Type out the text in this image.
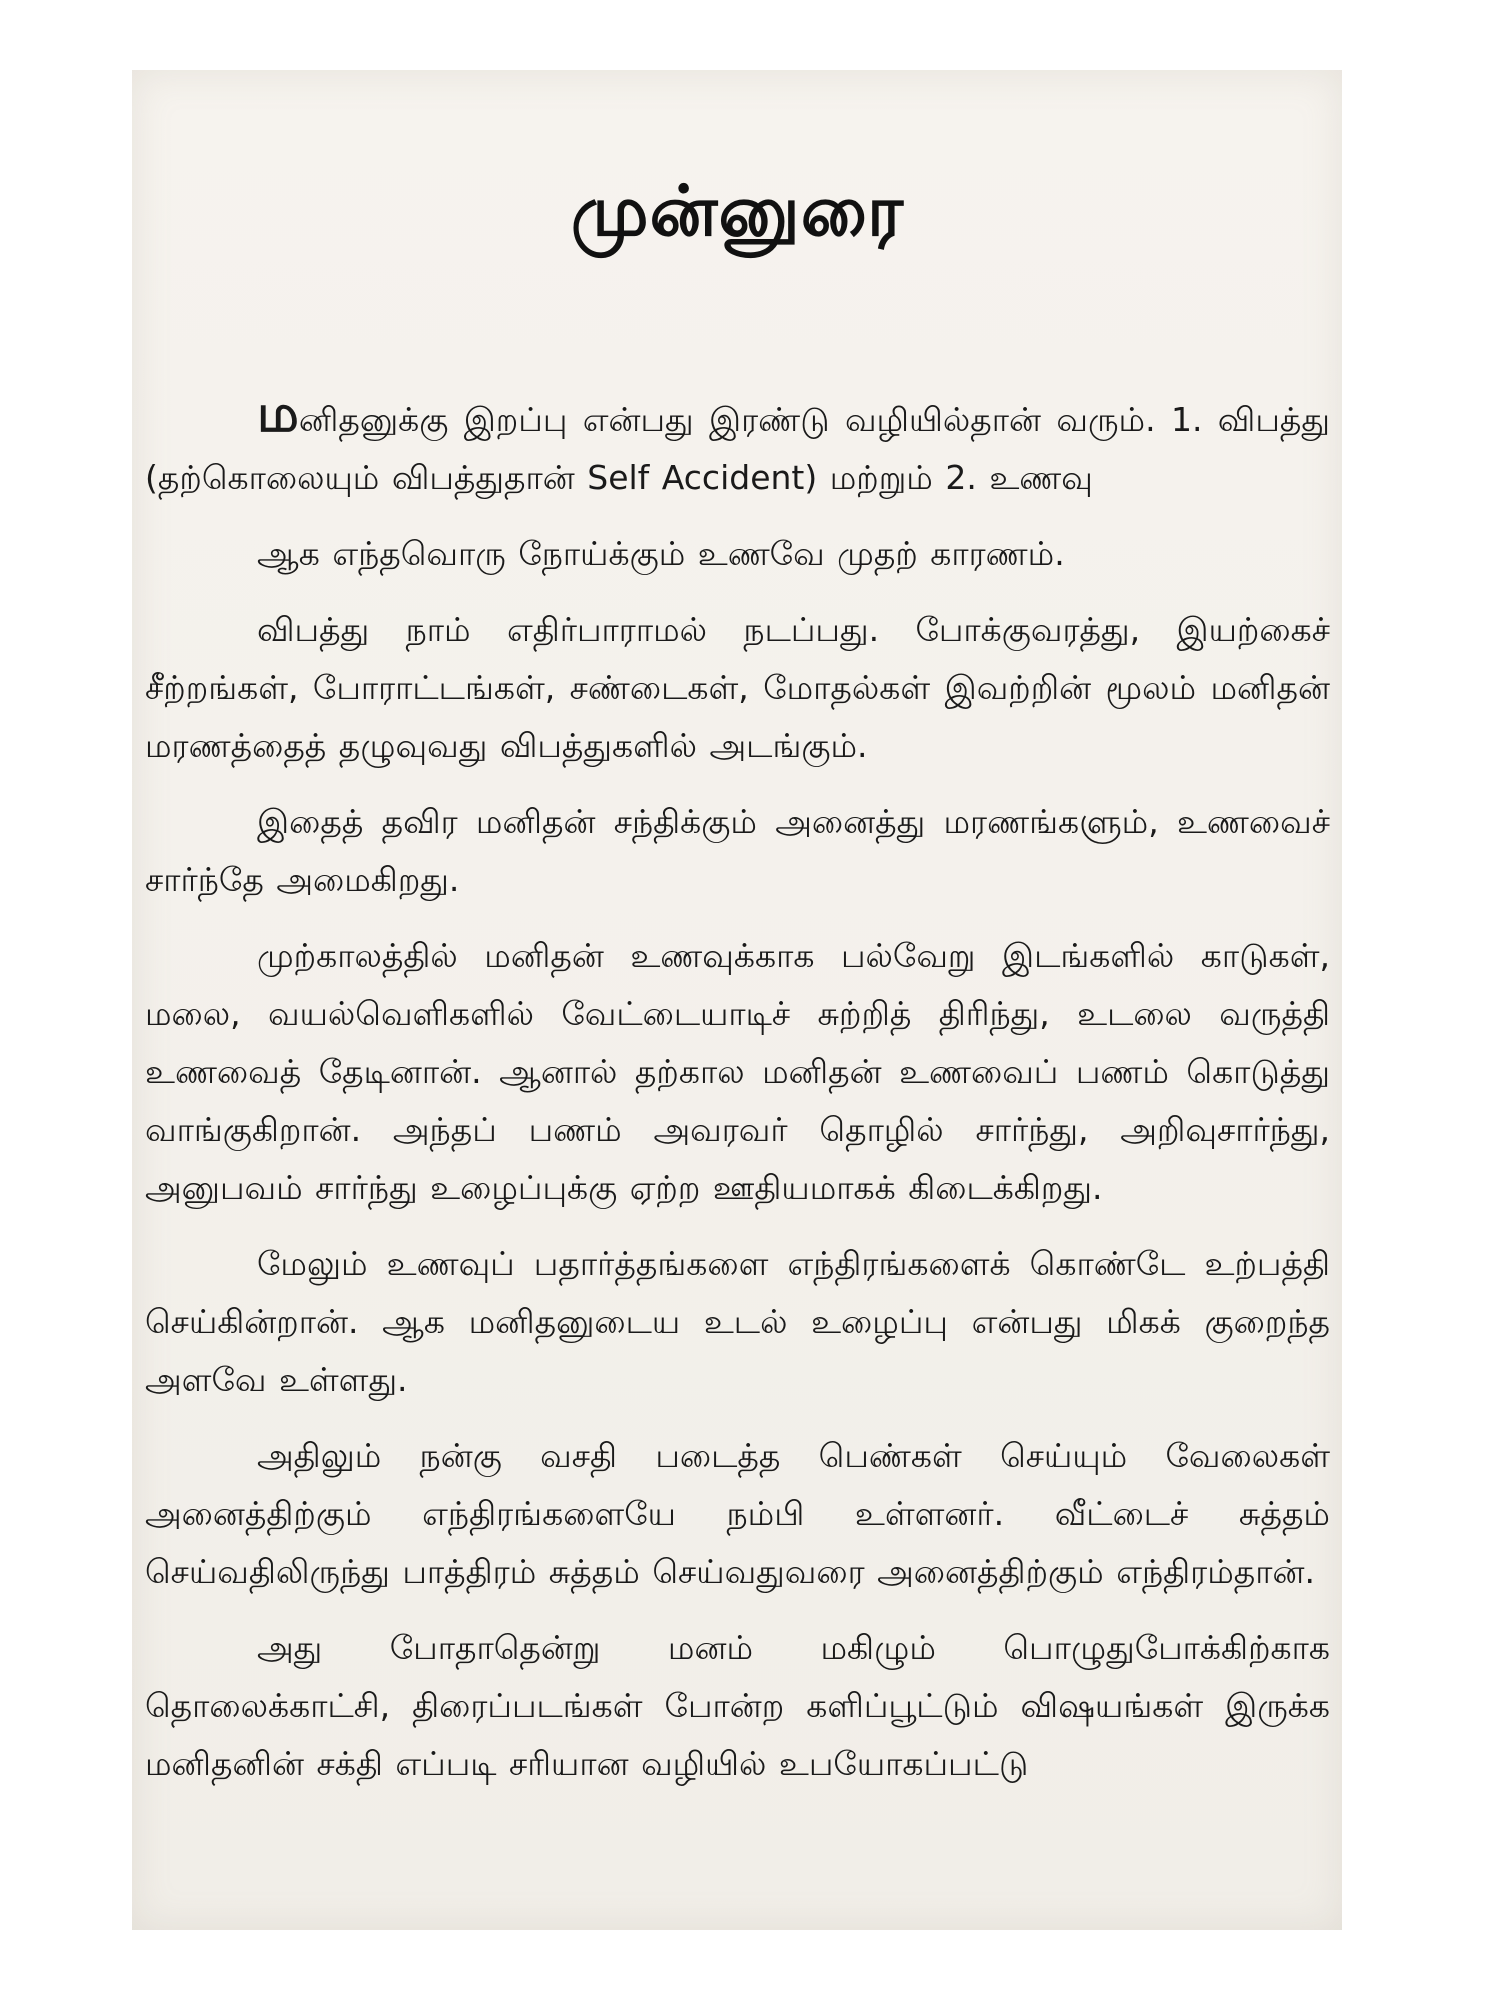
முன்னுரை

மனிதனுக்கு இறப்பு என்பது இரண்டு வழியில்தான் வரும். 1. விபத்து (தற்கொலையும் விபத்துதான் Self Accident) மற்றும் 2. உணவு

ஆக எந்தவொரு நோய்க்கும் உணவே முதற் காரணம்.

விபத்து நாம் எதிர்பாராமல் நடப்பது. போக்குவரத்து, இயற்கைச் சீற்றங்கள், போராட்டங்கள், சண்டைகள், மோதல்கள் இவற்றின் மூலம் மனிதன் மரணத்தைத் தழுவுவது விபத்துகளில் அடங்கும்.

இதைத் தவிர மனிதன் சந்திக்கும் அனைத்து மரணங்களும், உணவைச் சார்ந்தே அமைகிறது.

முற்காலத்தில் மனிதன் உணவுக்காக பல்வேறு இடங்களில் காடுகள், மலை, வயல்வெளிகளில் வேட்டையாடிச் சுற்றித் திரிந்து, உடலை வருத்தி உணவைத் தேடினான். ஆனால் தற்கால மனிதன் உணவைப் பணம் கொடுத்து வாங்குகிறான். அந்தப் பணம் அவரவர் தொழில் சார்ந்து, அறிவுசார்ந்து, அனுபவம் சார்ந்து உழைப்புக்கு ஏற்ற ஊதியமாகக் கிடைக்கிறது.

மேலும் உணவுப் பதார்த்தங்களை எந்திரங்களைக் கொண்டே உற்பத்தி செய்கின்றான். ஆக மனிதனுடைய உடல் உழைப்பு என்பது மிகக் குறைந்த அளவே உள்ளது.

அதிலும் நன்கு வசதி படைத்த பெண்கள் செய்யும் வேலைகள் அனைத்திற்கும் எந்திரங்களையே நம்பி உள்ளனர். வீட்டைச் சுத்தம் செய்வதிலிருந்து பாத்திரம் சுத்தம் செய்வதுவரை அனைத்திற்கும் எந்திரம்தான்.

அது போதாதென்று மனம் மகிழும் பொழுதுபோக்கிற்காக தொலைக்காட்சி, திரைப்படங்கள் போன்ற களிப்பூட்டும் விஷயங்கள் இருக்க மனிதனின் சக்தி எப்படி சரியான வழியில் உபயோகப்பட்டு
